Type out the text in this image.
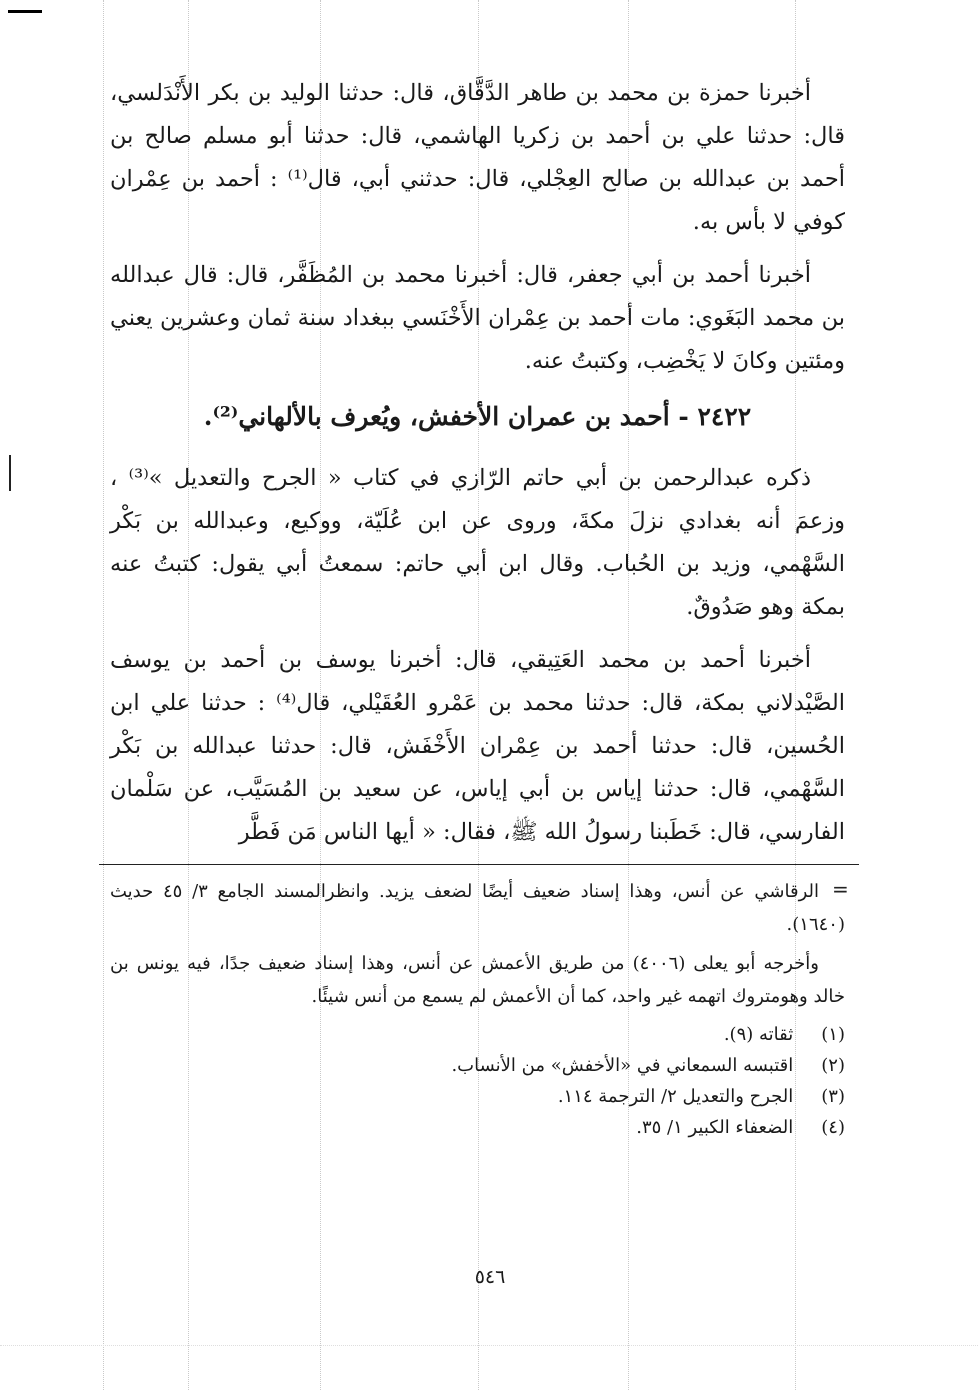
أخبرنا حمزة بن محمد بن طاهر الدَّقَّاق، قال: حدثنا الوليد بن بكر الأَنْدَلسي، قال: حدثنا علي بن أحمد بن زكريا الهاشمي، قال: حدثنا أبو مسلم صالح بن أحمد بن عبدالله بن صالح العِجْلي، قال: حدثني أبي، قال⁽¹⁾ : أحمد بن عِمْران كوفي لا بأس به.

أخبرنا أحمد بن أبي جعفر، قال: أخبرنا محمد بن المُظَفَّر، قال: قال عبدالله بن محمد البَغَوي: مات أحمد بن عِمْران الأَخْنَسي ببغداد سنة ثمان وعشرين يعني ومئتين وكانَ لا يَخْضِب، وكتبتُ عنه.

٢٤٢٢ - أحمد بن عمران الأخفش، ويُعرف بالألهاني⁽²⁾.

ذكره عبدالرحمن بن أبي حاتم الرّازي في كتاب « الجرح والتعديل »⁽³⁾ ، وزعمَ أنه بغدادي نزلَ مكةَ، وروى عن ابن عُلَيّة، ووكيع، وعبدالله بن بَكْر السَّهْمي، وزيد بن الحُباب. وقال ابن أبي حاتم: سمعتُ أبي يقول: كتبتُ عنه بمكة وهو صَدُوقٌ.

أخبرنا أحمد بن محمد العَتِيقي، قال: أخبرنا يوسف بن أحمد بن يوسف الصَّيْدلاني بمكة، قال: حدثنا محمد بن عَمْرو العُقَيْلي، قال⁽⁴⁾ : حدثنا علي ابن الحُسين، قال: حدثنا أحمد بن عِمْران الأَخْفَش، قال: حدثنا عبدالله بن بَكْر السَّهْمي، قال: حدثنا إياس بن أبي إياس، عن سعيد بن المُسَيَّب، عن سَلْمان الفارسي، قال: خَطَبنا رسولُ الله ﷺ، فقال: « أيها الناس مَن فَطَّر

الرقاشي عن أنس، وهذا إسناد ضعيف أيضًا لضعف يزيد. وانظرالمسند الجامع ٣/ ٤٥ حديث (١٦٤٠).

وأخرجه أبو يعلى (٤٠٠٦) من طريق الأعمش عن أنس، وهذا إسناد ضعيف جدًا، فيه يونس بن خالد وهومتروك اتهمه غير واحد، كما أن الأعمش لم يسمع من أنس شيئًا.

(١) ثقاته (٩).
(٢) اقتبسه السمعاني في «الأخفش» من الأنساب.
(٣) الجرح والتعديل ٢/ الترجمة ١١٤.
(٤) الضعفاء الكبير ١/ ٣٥.
=
٥٤٦
